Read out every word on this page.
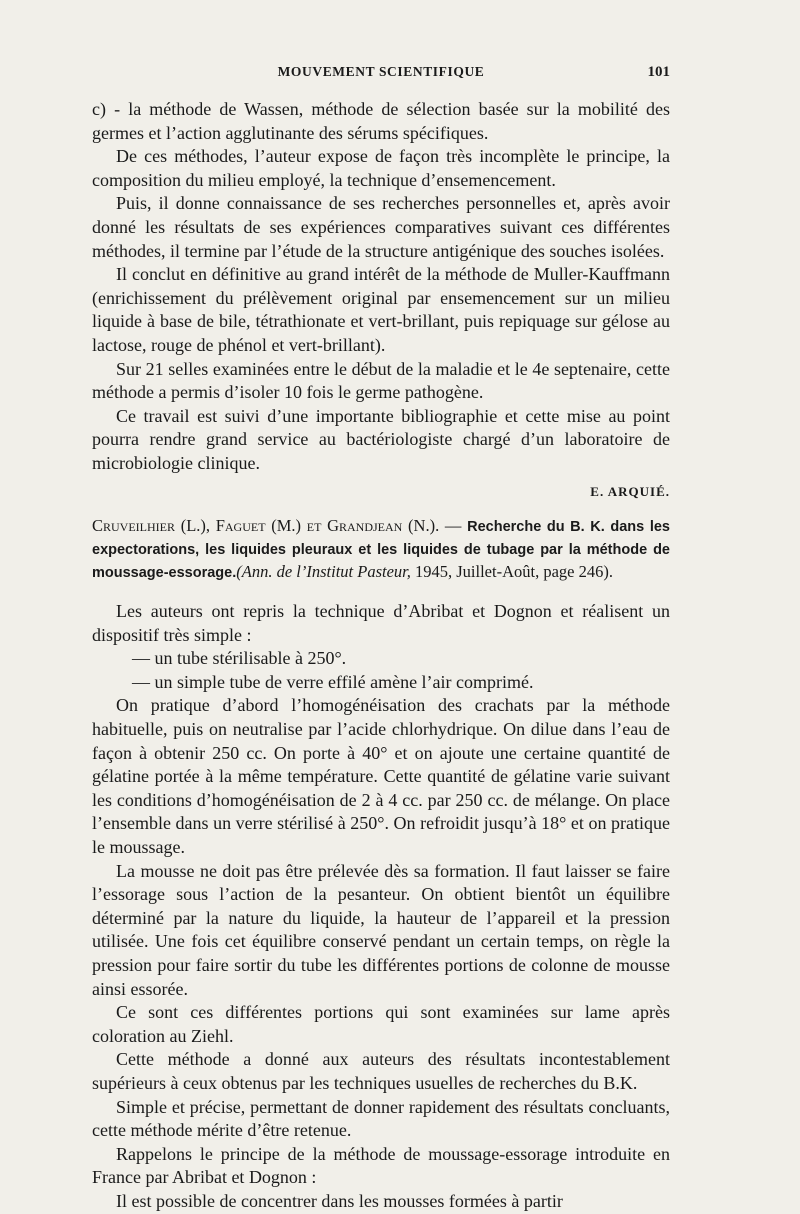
MOUVEMENT SCIENTIFIQUE	101

c) - la méthode de Wassen, méthode de sélection basée sur la mobilité des germes et l’action agglutinante des sérums spécifiques.

De ces méthodes, l’auteur expose de façon très incomplète le principe, la composition du milieu employé, la technique d’ensemencement.

Puis, il donne connaissance de ses recherches personnelles et, après avoir donné les résultats de ses expériences comparatives suivant ces différentes méthodes, il termine par l’étude de la structure antigénique des souches isolées.

Il conclut en définitive au grand intérêt de la méthode de Muller-Kauffmann (enrichissement du prélèvement original par ensemencement sur un milieu liquide à base de bile, tétrathionate et vert-brillant, puis repiquage sur gélose au lactose, rouge de phénol et vert-brillant).

Sur 21 selles examinées entre le début de la maladie et le 4e septenaire, cette méthode a permis d’isoler 10 fois le germe pathogène.

Ce travail est suivi d’une importante bibliographie et cette mise au point pourra rendre grand service au bactériologiste chargé d’un laboratoire de microbiologie clinique.

E. ARQUIÉ.

Cruveilhier (L.), Faguet (M.) et Grandjean (N.). — Recherche du B. K. dans les expectorations, les liquides pleuraux et les liquides de tubage par la méthode de moussage-essorage.(Ann. de l’Institut Pasteur, 1945, Juillet-Août, page 246).

Les auteurs ont repris la technique d’Abribat et Dognon et réalisent un dispositif très simple :

— un tube stérilisable à 250°.

— un simple tube de verre effilé amène l’air comprimé.

On pratique d’abord l’homogénéisation des crachats par la méthode habituelle, puis on neutralise par l’acide chlorhydrique. On dilue dans l’eau de façon à obtenir 250 cc. On porte à 40° et on ajoute une certaine quantité de gélatine portée à la même température. Cette quantité de gélatine varie suivant les conditions d’homogénéisation de 2 à 4 cc. par 250 cc. de mélange. On place l’ensemble dans un verre stérilisé à 250°. On refroidit jusqu’à 18° et on pratique le moussage.

La mousse ne doit pas être prélevée dès sa formation. Il faut laisser se faire l’essorage sous l’action de la pesanteur. On obtient bientôt un équilibre déterminé par la nature du liquide, la hauteur de l’appareil et la pression utilisée. Une fois cet équilibre conservé pendant un certain temps, on règle la pression pour faire sortir du tube les différentes portions de colonne de mousse ainsi essorée.

Ce sont ces différentes portions qui sont examinées sur lame après coloration au Ziehl.

Cette méthode a donné aux auteurs des résultats incontestablement supérieurs à ceux obtenus par les techniques usuelles de recherches du B.K.

Simple et précise, permettant de donner rapidement des résultats concluants, cette méthode mérite d’être retenue.

Rappelons le principe de la méthode de moussage-essorage introduite en France par Abribat et Dognon :

Il est possible de concentrer dans les mousses formées à partir
